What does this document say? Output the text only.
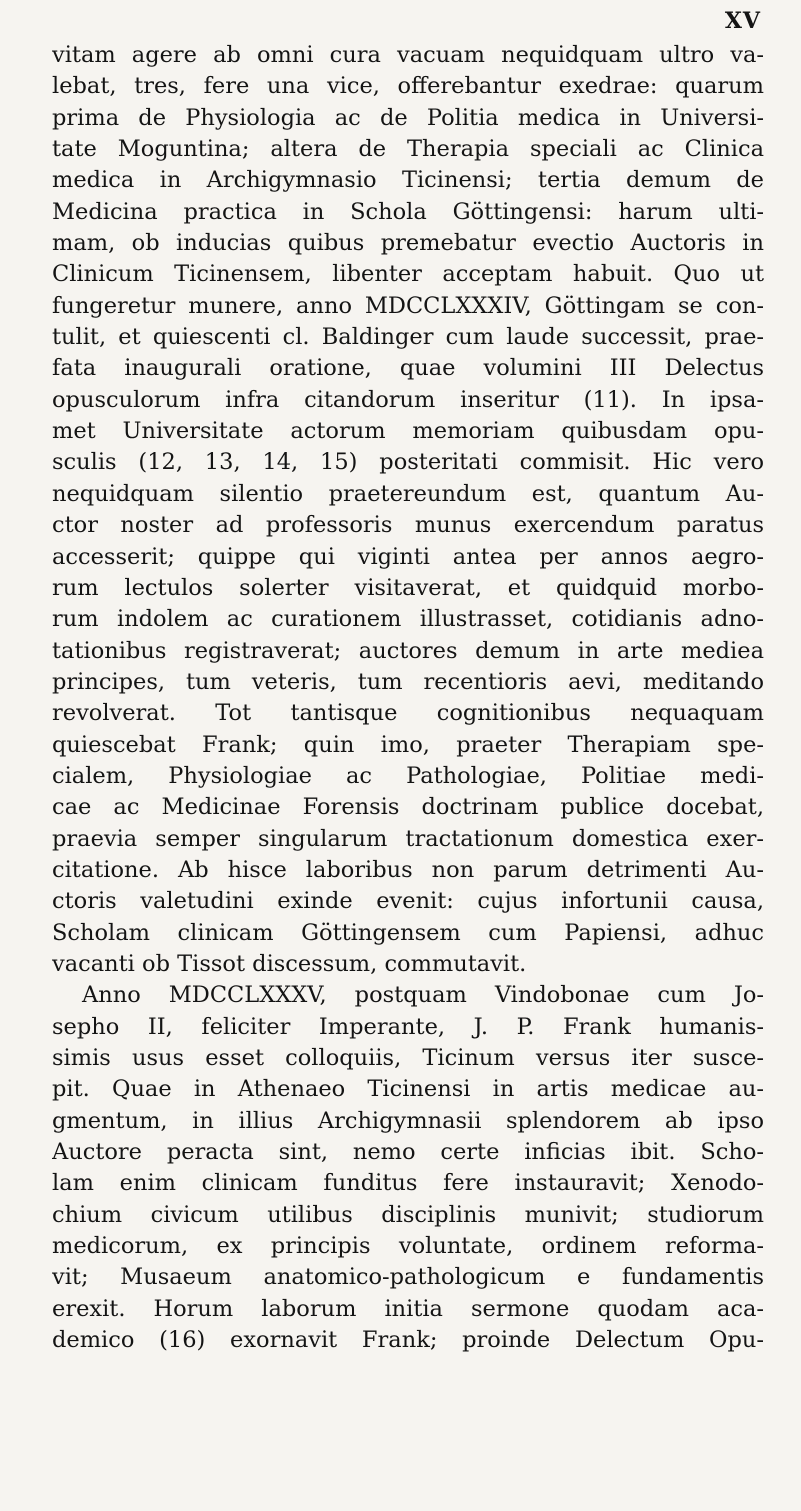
XV
vitam agere ab omni cura vacuam nequidquam ultro va-
lebat, tres, fere una vice, offerebantur exedrae: quarum
prima de Physiologia ac de Politia medica in Universi-
tate Moguntina; altera de Therapia speciali ac Clinica
medica in Archigymnasio Ticinensi; tertia demum de
Medicina practica in Schola Göttingensi: harum ulti-
mam, ob inducias quibus premebatur evectio Auctoris in
Clinicum Ticinensem, libenter acceptam habuit. Quo ut
fungeretur munere, anno MDCCLXXXIV, Göttingam se con-
tulit, et quiescenti cl. Baldinger cum laude successit, prae-
fata inaugurali oratione, quae volumini III Delectus
opusculorum infra citandorum inseritur (11). In ipsa-
met Universitate actorum memoriam quibusdam opu-
sculis (12, 13, 14, 15) posteritati commisit. Hic vero
nequidquam silentio praetereundum est, quantum Au-
ctor noster ad professoris munus exercendum paratus
accesserit; quippe qui viginti antea per annos aegro-
rum lectulos solerter visitaverat, et quidquid morbo-
rum indolem ac curationem illustrasset, cotidianis adno-
tationibus registraverat; auctores demum in arte mediea
principes, tum veteris, tum recentioris aevi, meditando
revolverat. Tot tantisque cognitionibus nequaquam
quiescebat Frank; quin imo, praeter Therapiam spe-
cialem, Physiologiae ac Pathologiae, Politiae medi-
cae ac Medicinae Forensis doctrinam publice docebat,
praevia semper singularum tractationum domestica exer-
citatione. Ab hisce laboribus non parum detrimenti Au-
ctoris valetudini exinde evenit: cujus infortunii causa,
Scholam clinicam Göttingensem cum Papiensi, adhuc
vacanti ob Tissot discessum, commutavit.
Anno MDCCLXXXV, postquam Vindobonae cum Jo-
sepho II, feliciter Imperante, J. P. Frank humanis-
simis usus esset colloquiis, Ticinum versus iter susce-
pit. Quae in Athenaeo Ticinensi in artis medicae au-
gmentum, in illius Archigymnasii splendorem ab ipso
Auctore peracta sint, nemo certe inficias ibit. Scho-
lam enim clinicam funditus fere instauravit; Xenodo-
chium civicum utilibus disciplinis munivit; studiorum
medicorum, ex principis voluntate, ordinem reforma-
vit; Musaeum anatomico-pathologicum e fundamentis
erexit. Horum laborum initia sermone quodam aca-
demico (16) exornavit Frank; proinde Delectum Opu-
